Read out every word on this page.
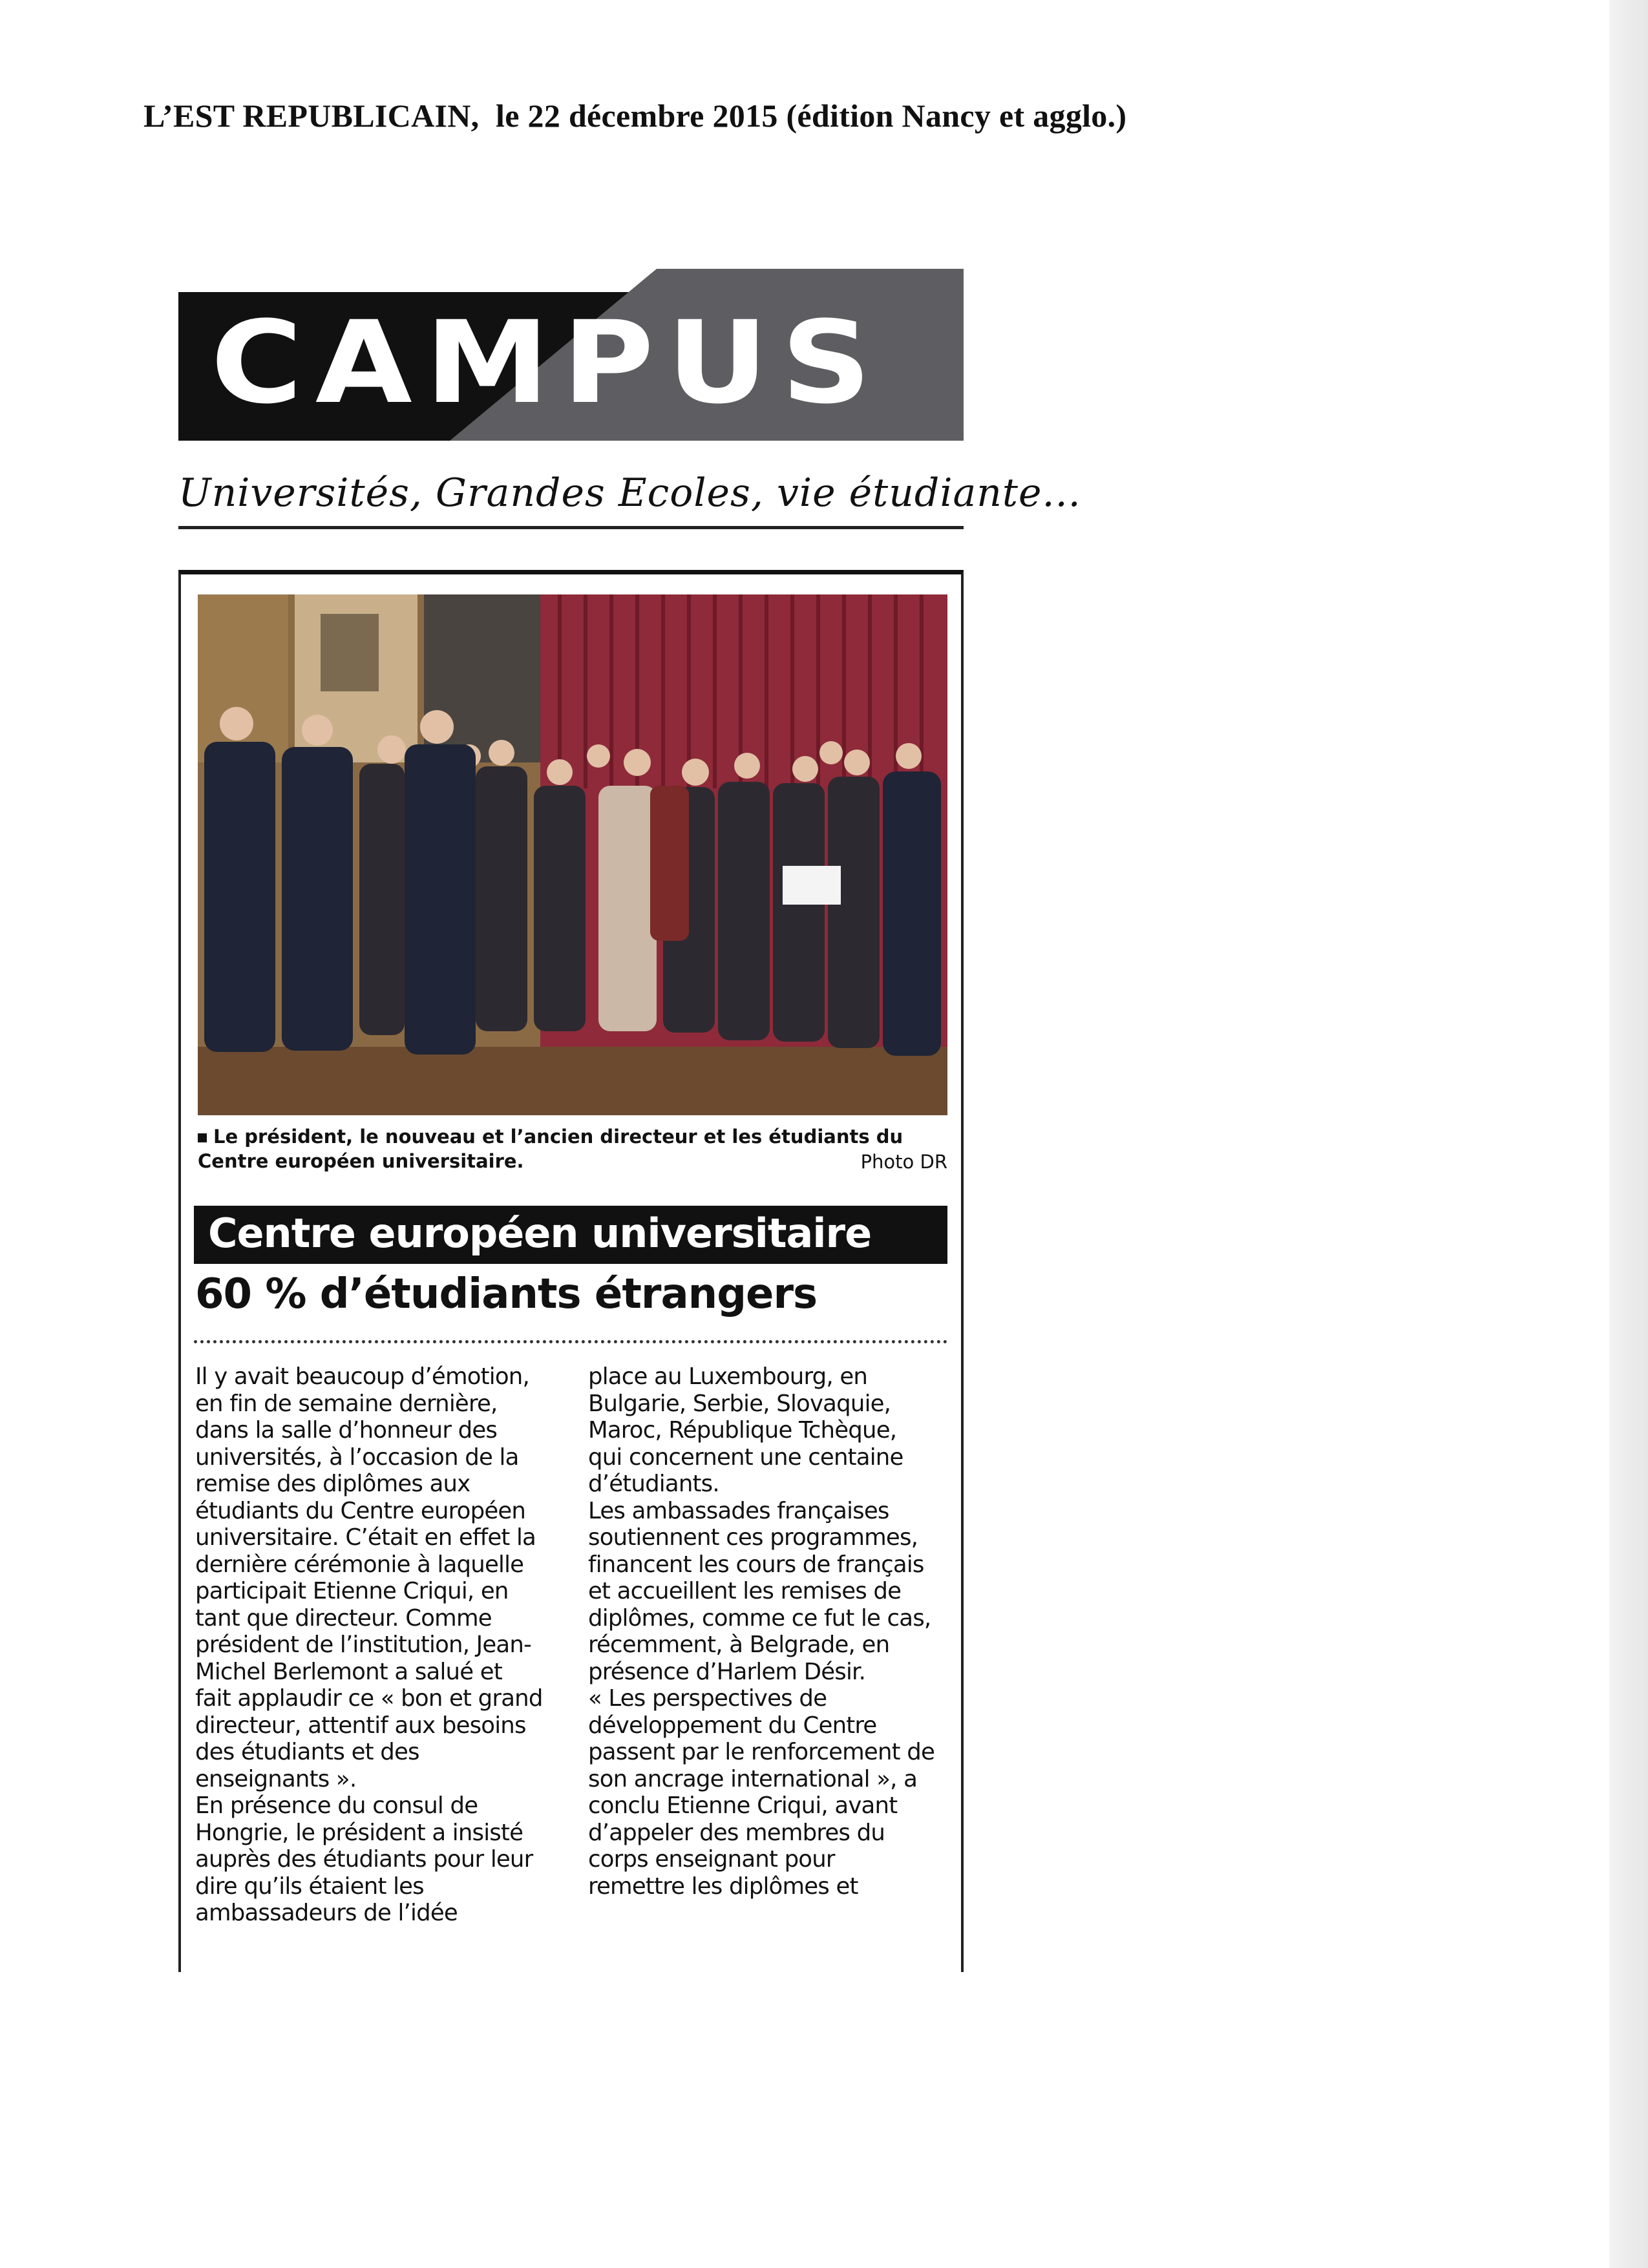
L’EST REPUBLICAIN,  le 22 décembre 2015 (édition Nancy et agglo.)
CAMPUS
Universités, Grandes Ecoles, vie étudiante...
Le président, le nouveau et l’ancien directeur et les étudiants du Centre européen universitaire.	Photo DR
Centre européen universitaire
60 % d’étudiants étrangers

Il y avait beaucoup d’émotion, en fin de semaine dernière, dans la salle d’honneur des universités, à l’occasion de la remise des diplômes aux étudiants du Centre européen universitaire. C’était en effet la dernière cérémonie à laquelle participait Etienne Criqui, en tant que directeur. Comme président de l’institution, Jean-Michel Berlemont a salué et fait applaudir ce « bon et grand directeur, attentif aux besoins des étudiants et des enseignants ».

En présence du consul de Hongrie, le président a insisté auprès des étudiants pour leur dire qu’ils étaient les ambassadeurs de l’idée

place au Luxembourg, en Bulgarie, Serbie, Slovaquie, Maroc, République Tchèque, qui concernent une centaine d’étudiants.

Les ambassades françaises soutiennent ces programmes, financent les cours de français et accueillent les remises de diplômes, comme ce fut le cas, récemment, à Belgrade, en présence d’Harlem Désir.

« Les perspectives de développement du Centre passent par le renforcement de son ancrage international », a conclu Etienne Criqui, avant d’appeler des membres du corps enseignant pour remettre les diplômes et
